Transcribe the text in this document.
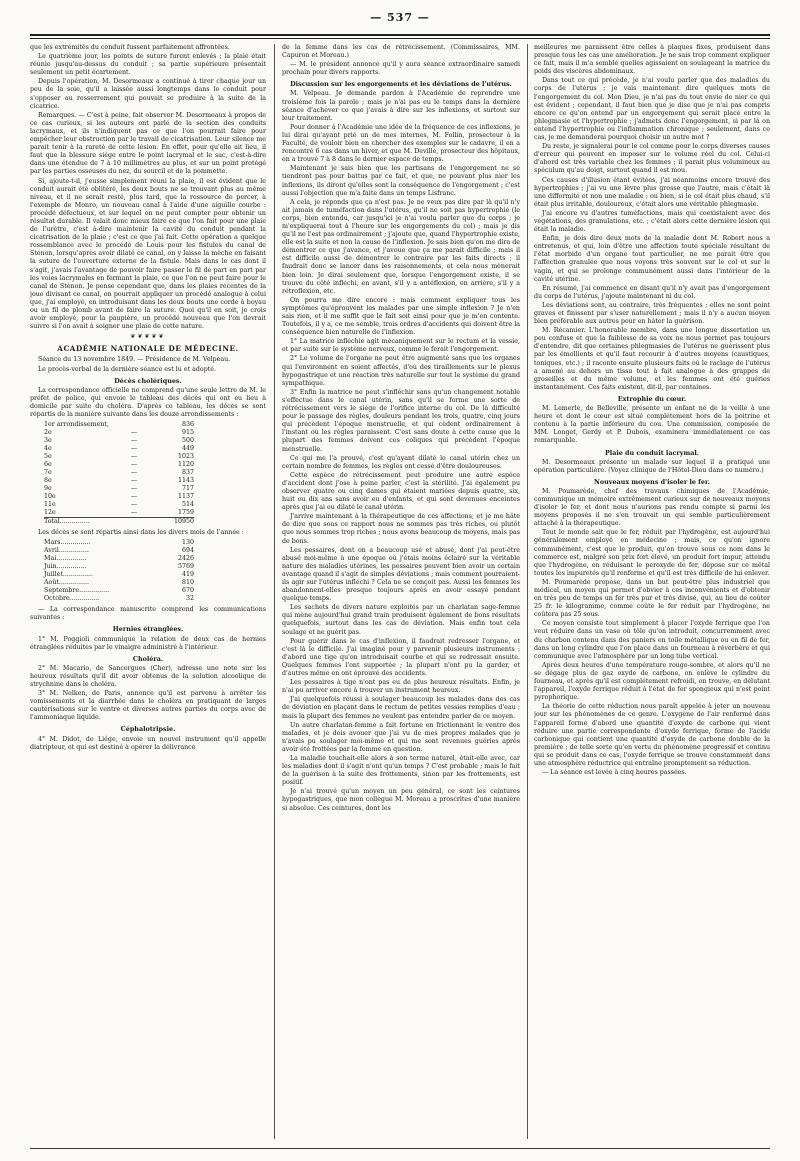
— 537 —

que les extrémités du conduit fussent parfaitement affrontées.

Le quatrième jour, les points de suture furent enlevés ; la plaie était réunie jusqu'au-dessus du conduit ; sa partie supérieure présentait seulement un petit écartement.

Depuis l'opération, M. Desormeaux a continué à tirer chaque jour un peu de la soie, qu'il a laissée aussi longtemps dans le conduit pour s'opposer au resserrement qui pouvait se produire à la suite de la cicatrice.

Remarques. — C'est à peine, fait observer M. Desormeaux à propos de ce cas curieux, si les auteurs ont parlé de la section des conduits lacrymaux, et ils n'indiquent pas ce que l'on pourrait faire pour empêcher leur obstruction par le travail de cicatrisation. Leur silence me parait tenir à la rareté de cette lésion. En effet, pour qu'elle ait lieu, il faut que la blessure siége entre le point lacrymal et le sac, c'est-à-dire dans une étendue de 7 à 10 millimètres au plus, et sur un point protégé par les parties osseuses du nez, du sourcil et de la pommette.

Si, ajoute-t-il, j'eusse simplement réuni la plaie, il est évident que le conduit aurait été oblitéré, les deux bouts ne se trouvant plus au même niveau, et il ne serait resté, plus tard, que la ressource de percer, à l'exemple de Monro, un nouveau canal à l'aide d'une aiguille courbe : procédé défectueux, et sur lequel on ne peut compter pour obtenir un résultat durable. Il valait donc mieux faire ce que l'on fait pour une plaie de l'urètre, c'est à-dire maintenir la cavité du conduit pendant la cicatrisation de la plaie ; c'est ce que j'ai fait. Cette opération a quelque ressemblance avec le procédé de Louis pour les fistules du canal de Sténon, lorsqu'après avoir dilaté ce canal, on y laisse la mèche en faisant la suture de l'ouverture externe de la fistule. Mais dans le cas dont il s'agit, j'avais l'avantage de pouvoir faire passer le fil de part en part par les voies lacrymales en fermant la plaie, ce que l'on ne peut faire pour le canal de Sténon. Je pense cependant que, dans les plaies récentes de la joue divisant ce canal, on pourrait appliquer un procédé analogue à celui que, j'ai employé, en introduisant dans les deux bouts une corde à boyau ou un fil de plomb avant de faire la suture. Quoi qu'il en soit, je crois avoir employé, pour la paupière, un procédé nouveau que l'on devrait suivre si l'on avait à soigner une plaie de cette nature.

❦❦❦❦❦
ACADÉMIE NATIONALE DE MÉDECINE.

Séance du 13 novembre 1849. — Présidence de M. Velpeau.

Le procès-verbal de la dernière séance est lu et adopté.

Décès cholériques.

La correspondance officielle ne comprend qu'une seule lettre de M. le préfet de police, qui envoie le tableau des décès qui ont eu lieu à domicile par suite du choléra. D'après ce tableau, les décès se sont répartis de la manière suivante dans les douze arrondissements :

1er arrondissement,		836
2e	—	915
3e	—	500
4e	—	449
5e	—	1023
6e	—	1120
7e	—	837
8e	—	1143
9e	—	717
10e	—	1137
11e	—	514
12e	—	1759
Total...............		10950

Les décès se sont répartis ainsi dans les divers mois de l'année :

Mars...............		130
Avril...............		694
Mai...............		2426
Juin...............		5769
Juillet...............		419
Août...............		810
Septembre...............		670
Octobre...............		32

— La correspondance manuscrite comprend les communications suivantes :

Hernies étranglées.

1° M. Poggioli communique la relation de deux cas de hernies étranglées réduites par le vinaigre administré à l'intérieur.

Choléra.

2° M. Macario, de Sancergues (Cher), adresse une note sur les heureux résultats qu'il dit avoir obtenus de la solution alcoolique de strychnine dans le choléra.

3° M. Nelken, de Paris, annonce qu'il est parvenu à arrêter les vomissements et la diarrhée dans le choléra en pratiquant de larges cautérisations sur le ventre et diverses autres parties du corps avec de l'ammoniaque liquide.

Céphalotripsie.

4° M. Didot, de Liége, envoie un nouvel instrument qu'il appelle diatripteur, et qui est destiné à opérer la délivrance

de la femme dans les cas de rétrécissement. (Commissaires, MM. Capuron et Moreau.)

— M. le président annonce qu'il y aura séance extraordinaire samedi prochain pour divers rapports.

Discussion sur les engorgements et les déviations de l'utérus.

M. Velpeau. Je demande pardon à l'Académie de reprendre une troisième fois la parole ; mais je n'ai pas eu le temps dans la dernière séance d'achever ce que j'avais à dire sur les inflexions, et surtout sur leur traitement.

Pour donner à l'Académie une idée de la fréquence de ces inflexions, je lui dirai qu'ayant prié un de mes internes, M. Follin, prosecteur à la Faculté, de vouloir bien en chercher des exemples sur le cadavre, il en a rencontré 6 cas dans un hiver, et que M. Deville, prosecteur des hôpitaux, en a trouvé 7 à 8 dans le dernier espace de temps.

Maintenant je sais bien que les partisans de l'engorgement ne se tiendront pas pour battus par ce fait, et que, ne pouvant plus nier les inflexions, ils diront qu'elles sont la conséquence de l'engorgement ; c'est aussi l'objection que m'a faite dans un temps Lisfranc.

A cela, je réponds que ça n'est pas. Je ne veux pas dire par là qu'il n'y ait jamais de tuméfaction dans l'utérus, qu'il ne soit pas hypertrophié (le corps, bien entendu, car jusqu'ici je n'ai voulu parler que du corps ; je m'expliquerai tout à l'heure sur les engorgements du col) ; mais je dis qu'il ne l'est pas ordinairement ; j'ajoute que, quand l'hypertrophie existe, elle est la suite et non la cause de l'inflexion. Je sais bien qu'on me dira de démontrer ce que j'avance, et j'avoue que ça me parait difficile ; mais il est difficile aussi de démontrer le contraire par les faits directs ; il faudrait donc se lancer dans les raisonnements, et cela nous mènerait bien loin. Je dirai seulement que, lorsque l'engorgement existe, il se trouve du côté infléchi, en avant, s'il y a antéflexion, en arrière, s'il y a rétroflexion, etc.

On pourra me dire encore : mais comment expliquer tous les symptômes qu'éprouvent les malades par une simple inflexion ? Je n'en sais rien, et il me suffit que le fait soit ainsi pour que je m'en contente. Toutefois, il y a, ce me semble, trois ordres d'accidents qui doivent être la conséquence bien naturelle de l'inflexion.

1° La matrice infléchie agit mécaniquement sur le rectum et la vessie, et par suite sur le système nerveux, comme le ferait l'engorgement.

2° Le volume de l'organe ne peut être augmenté sans que les organes qui l'environnent en soient affectés, d'où des tiraillements sur le plexus hypogastrique et une réaction très naturelle sur tout le système du grand sympathique.

3° Enfin la matrice ne peut s'infléchir sans qu'un changement notable s'effectue dans le canal utérin, sans qu'il se forme une sorte de rétrécissement vers le siége de l'orifice interne du col. De là difficulté pour le passage des règles, douleurs pendant les trois, quatre, cinq jours qui précèdent l'époque menstruelle, et qui cèdent ordinairement à l'instant où les règles paraissent. C'est sans doute à cette cause que la plupart des femmes doivent ces coliques qui précèdent l'époque menstruelle.

Ce qui me l'a prouvé, c'est qu'ayant dilaté le canal utérin chez un certain nombre de femmes, les règles ont cessé d'être douloureuses.

Cette espèce de rétrécissement peut produire une autre espèce d'accident dont j'ose à peine parler, c'est la stérilité. J'ai également pu observer quatre ou cinq dames qui étaient mariées depuis quatre, six, huit ou dix ans sans avoir eu d'enfants, et qui sont devenues enceintes après que j'ai eu dilaté le canal utérin.

J'arrive maintenant à la thérapeutique de ces affections, et je me hâte de dire que sous ce rapport nous ne sommes pas très riches, ou plutôt que nous sommes trop riches ; nous avons beaucoup de moyens, mais pas de bons.

Les pessaires, dont on a beaucoup usé et abusé, dont j'ai peut-être abusé moi-même à une époque où j'étais moins éclairé sur la véritable nature des maladies utérines, les pessaires peuvent bien avoir un certain avantage quand il s'agit de simples déviations ; mais comment pourraient-ils agir sur l'utérus infléchi ? Cela ne se conçoit pas. Aussi les femmes les abandonnent-elles presque toujours après en avoir essayé pendant quelque temps.

Les sachets de divers nature exploités par un charlatan sage-femme qui mène aujourd'hui grand train produisent également de bons résultats quelquefois, surtout dans les cas de déviation. Mais enfin tout cela soulage et ne guérit pas.

Pour guérir dans le cas d'inflexion, il faudrait redresser l'organe, et c'est là le difficile. J'ai imaginé pour y parvenir plusieurs instruments : d'abord une tige qu'on introduisait courbe et qui se redressait ensuite. Quelques femmes l'ont supportée ; la plupart n'ont pu la garder, et d'autres même en ont éprouvé des accidents.

Les pessaires à tige n'ont pas eu de plus heureux résultats. Enfin, je n'ai pu arriver encore à trouver un instrument heureux.

J'ai quelquefois réussi à soulager beaucoup les malades dans des cas de déviation en plaçant dans le rectum de petites vessies remplies d'eau ; mais la plupart des femmes ne veulent pas entendre parler de ce moyen.

Un autre charlatan-femme a fait fortune en frictionnant le ventre des malades, et je dois avouer que j'ai vu de mes propres malades que je n'avais pu soulager moi-même et qui me sont revenues guéries après avoir été frottées par la femme en question.

La maladie touchait-elle alors à son terme naturel, était-elle avec, car les maladies dont il s'agit n'ont qu'un temps ? C'est probable ; mais le fait de la guérison à la suite des frottements, sinon par les frottements, est positif.

Je n'ai trouvé qu'un moyen un peu général, ce sont les ceintures hypogastriques, que mon collègue M. Moreau a proscrites d'une manière si absolue. Ces ceintures, dont les

meilleures me paraissent être celles à plaques fixes, produisent dans presque tous les cas une amélioration. Je ne sais trop comment expliquer ce fait, mais il m'a semblé quelles agissaient en soulageant la matrice du poids des viscères abdominaux.

Dans tout ce qui précède, je n'ai voulu parler que des maladies du corps de l'utérus ; je vais maintenant dire quelques mots de l'engorgement du col. Mon Dieu, je n'ai pas du tout envie de nier ce qui est évident ; cependant, il faut bien que je dise que je n'ai pas compris encore ce qu'on entend par un engorgement qui serait placé entre la phlegmasie et l'hypertrophie ; j'admets donc l'engorgement, si par là on entend l'hypertrophie ou l'inflammation chronique ; seulement, dans ce cas, je me demanderai pourquoi choisir un autre mot ?

Du reste, je signalerai pour le col comme pour le corps diverses causes d'erreur qui peuvent en imposer sur le volume réel du col. Celui-ci d'abord est très variable chez les femmes ; il parait plus volumineux au spéculum qu'au doigt, surtout quand il est mou.

Ces causes d'illusion étant évitées, j'ai néanmoins encore trouvé des hypertrophies ; j'ai vu une lèvre plus grosse que l'autre, mais c'était là une difformité et non une maladie ; ou bien, si le col était plus chaud, s'il était plus irritable, douloureux, c'était alors une véritable phlegmasie.

J'ai encore vu d'autres tuméfactions, mais qui coexistaient avec des végétations, des granulations, etc. ; c'était alors cette dernière lésion qui était la maladie.

Enfin, je dois dire deux mots de la maladie dont M. Robert nous a entretenus, et qui, loin d'être une affection toute spéciale résultant de l'état morbide d'un organe tout particulier, ne me parait être que l'affection granulée que nous voyons très souvent sur le col et sur le vagin, et qui se prolonge communément aussi dans l'intérieur de la cavité utérine.

En résumé, j'ai commencé en disant qu'il n'y avait pas d'engorgement du corps de l'utérus, j'ajoute maintenant ni du col.

Les déviations sont, au contraire, très fréquentes ; elles ne sont point graves et finissent par s'user naturellement ; mais il n'y a aucun moyen bien préférable aux autres pour en hâter la guérison.

M. Récamier. L'honorable membre, dans une longue dissertation un peu confuse et que la faiblesse de sa voix ne nous permet pas toujours d'entendre, dit que certaines phlegmasies de l'utérus ne guérissent plus par les émollients et qu'il faut recourir à d'autres moyens (caustiques, toniques, etc.) ; il raconte ensuite plusieurs faits où le raclage de l'utérus a amené au dehors un tissu tout à fait analogue à des grappes de groseilles et du même volume, et les femmes ont été guéries instantanément. Ces faits existent, dit-il, par centaines.

Extrophie du cœur.

M. Lemerle, de Belleville, présente un enfant né de la veille à une heure et dont le cœur est situé complétement hors de la poitrine et contenu à la partie inférieure du cou. Une commission, composée de MM. Longet, Gerdy et P. Dubois, examinera immédiatement ce cas remarquable.

Plaie du conduit lacrymal.

M. Desormeaux présente un malade sur lequel il a pratiqué une opération particulière. (Voyez clinique de l'Hôtel-Dieu dans ce numéro.)

Nouveaux moyens d'isoler le fer.

M. Poumarède, chef des travaux chimiques de l'Académie, communique un mémoire extrêmement curieux sur de nouveaux moyens d'isoler le fer, et dont nous n'aurions pas rendu compte si parmi les moyens proposés il ne s'en trouvait un qui semble particulièrement attaché à la thérapeutique.

Tout le monde sait que le fer, réduit par l'hydrogène, est aujourd'hui généralement employé en médecine ; mais, ce qu'on ignore communément, c'est que le produit, qu'on trouve sous ce nom dans le commerce est, malgré son prix fort élevé, un produit fort impur, attendu que l'hydrogène, en réduisant le peroxyde de fer, dépose sur ce métal toutes les impuretés qu'il renferme et qu'il est très difficile de lui enlever.

M. Poumarède propose, dans un but peut-être plus industriel que médical, un moyen qui permet d'obvier à ces inconvénients et d'obtenir en très peu de temps un fer très pur et très divisé, qui, au lieu de coûter 25 fr. le kilogramme, comme coûte le fer réduit par l'hydrogène, ne coûtera pas 25 sous.

Ce moyen consiste tout simplement à placer l'oxyde ferrique que l'on veut réduire dans un vase où tôle qu'on introduit, concurremment avec du charbon contenu dans des paniers en toile métallique ou en fil de fer, dans un long cylindre que l'on place dans un fourneau à réverbère et qui communique avec l'atmosphère par un long tube vertical.

Après deux heures d'une température rouge-sombre, et alors qu'il ne se dégage plus de gaz oxyde de carbone, on enlève le cylindre du fourneau, et après qu'il est complétement refroidi, on trouve, en délutant l'appareil, l'oxyde ferrique réduit à l'état de fer spongieux qui n'est point pyrophorique.

La théorie de cette réduction nous paraît appelée à jeter un nouveau jour sur les phénomènes de ce genre. L'oxygène de l'air renfermé dans l'appareil forme d'abord une quantité d'oxyde de carbone qui vient réduire une partie correspondante d'oxyde ferrique, forme de l'acide carbonique qui contient une quantité d'oxyde de carbone double de la première ; de telle sorte qu'en vertu du phénomène progressif et continu qui se produit dans ce cas, l'oxyde ferrique se trouve constamment dans une atmosphère réductrice qui entraîne promptement sa réduction.

— La séance est levée à cinq heures passées.
